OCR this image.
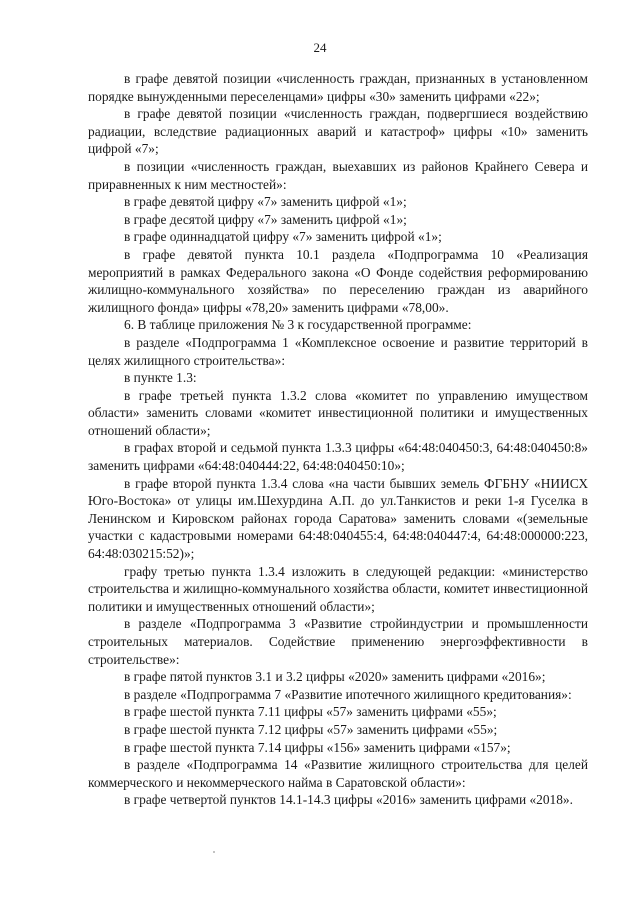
24

в графе девятой позиции «численность граждан, признанных в установленном порядке вынужденными переселенцами» цифры «30» заменить цифрами «22»;

в графе девятой позиции «численность граждан, подвергшиеся воздействию радиации, вследствие радиационных аварий и катастроф» цифры «10» заменить цифрой «7»;

в позиции «численность граждан, выехавших из районов Крайнего Севера и приравненных к ним местностей»:

в графе девятой цифру «7» заменить цифрой «1»;

в графе десятой цифру «7» заменить цифрой «1»;

в графе одиннадцатой цифру «7» заменить цифрой «1»;

в графе девятой пункта 10.1 раздела «Подпрограмма 10 «Реализация мероприятий в рамках Федерального закона «О Фонде содействия реформированию жилищно-коммунального хозяйства» по переселению граждан из аварийного жилищного фонда» цифры «78,20» заменить цифрами «78,00».

6. В таблице приложения № 3 к государственной программе:

в разделе «Подпрограмма 1 «Комплексное освоение и развитие территорий в целях жилищного строительства»:

в пункте 1.3:

в графе третьей пункта 1.3.2 слова «комитет по управлению имуществом области» заменить словами «комитет инвестиционной политики и имущественных отношений области»;

в графах второй и седьмой пункта 1.3.3 цифры «64:48:040450:3, 64:48:040450:8» заменить цифрами «64:48:040444:22, 64:48:040450:10»;

в графе второй пункта 1.3.4 слова «на части бывших земель ФГБНУ «НИИСХ Юго-Востока» от улицы им.Шехурдина А.П. до ул.Танкистов и реки 1-я Гуселка в Ленинском и Кировском районах города Саратова» заменить словами «(земельные участки с кадастровыми номерами 64:48:040455:4, 64:48:040447:4, 64:48:000000:223, 64:48:030215:52)»;

графу третью пункта 1.3.4 изложить в следующей редакции: «министерство строительства и жилищно-коммунального хозяйства области, комитет инвестиционной политики и имущественных отношений области»;

в разделе «Подпрограмма 3 «Развитие стройиндустрии и промышленности строительных материалов. Содействие применению энергоэффективности в строительстве»:

в графе пятой пунктов 3.1 и 3.2 цифры «2020» заменить цифрами «2016»;

в разделе «Подпрограмма 7 «Развитие ипотечного жилищного кредитования»:

в графе шестой пункта 7.11 цифры «57» заменить цифрами «55»;

в графе шестой пункта 7.12 цифры «57» заменить цифрами «55»;

в графе шестой пункта 7.14 цифры «156» заменить цифрами «157»;

в разделе «Подпрограмма 14 «Развитие жилищного строительства для целей коммерческого и некоммерческого найма в Саратовской области»:

в графе четвертой пунктов 14.1-14.3 цифры «2016» заменить цифрами «2018».
